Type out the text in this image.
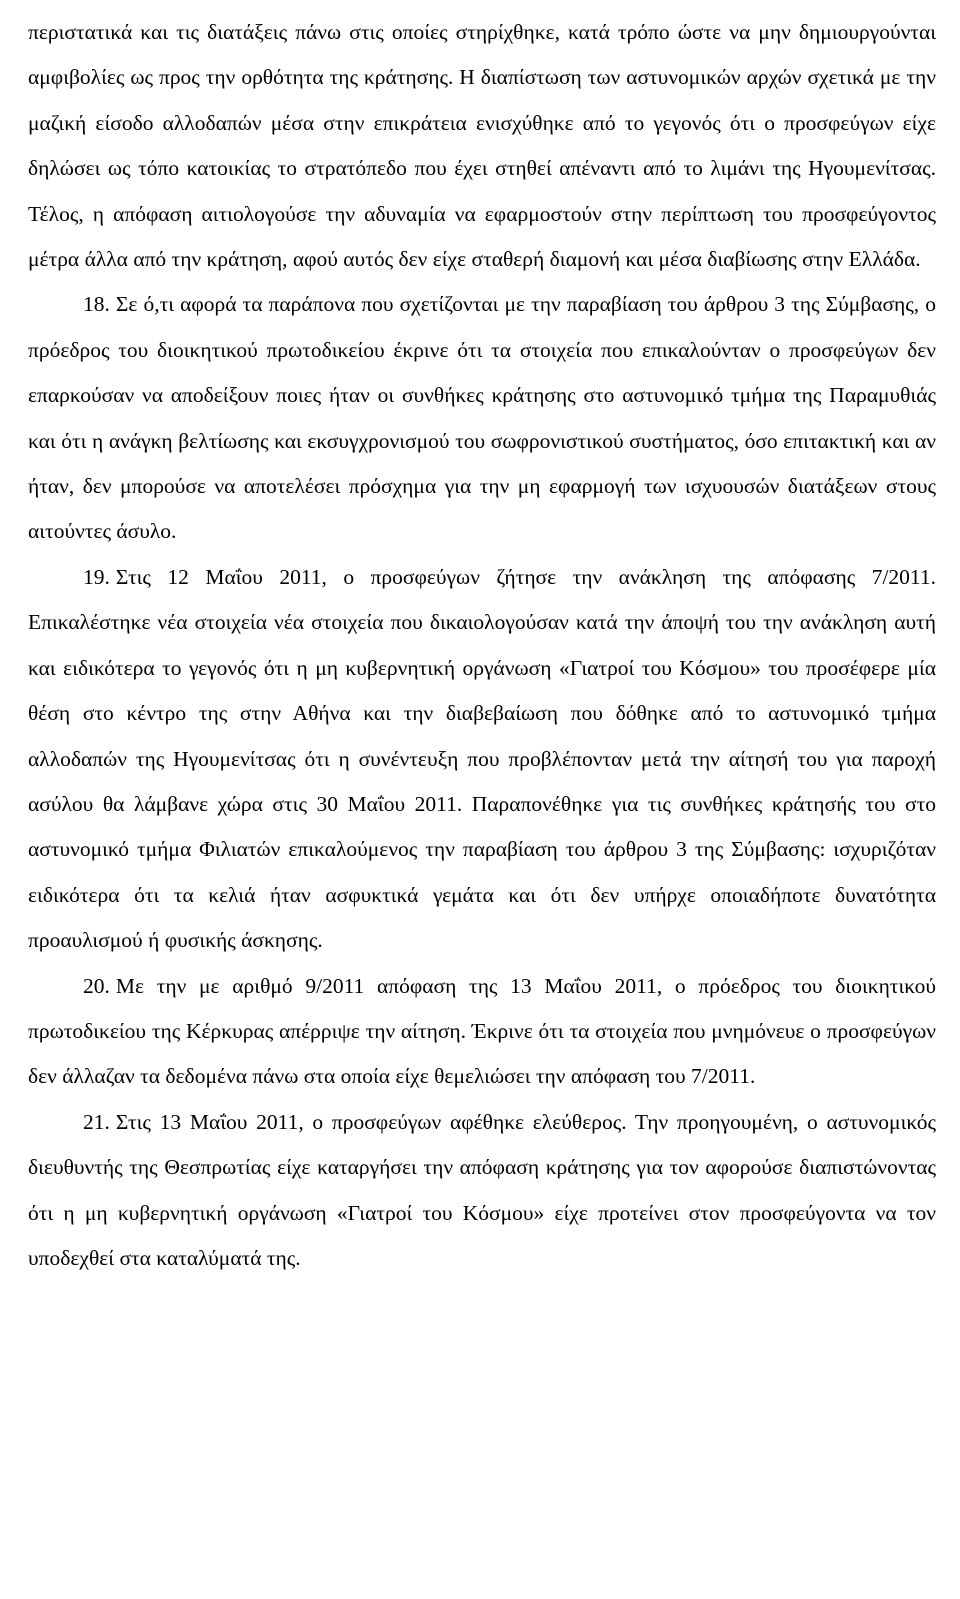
περιστατικά και τις διατάξεις πάνω στις οποίες στηρίχθηκε, κατά τρόπο ώστε να μην δημιουργούνται αμφιβολίες ως προς την ορθότητα της κράτησης. Η διαπίστωση των αστυνομικών αρχών σχετικά με την μαζική είσοδο αλλοδαπών μέσα στην επικράτεια ενισχύθηκε από το γεγονός ότι ο προσφεύγων είχε δηλώσει ως τόπο κατοικίας το στρατόπεδο που έχει στηθεί απέναντι από το λιμάνι της Ηγουμενίτσας. Τέλος, η απόφαση αιτιολογούσε την αδυναμία να εφαρμοστούν στην περίπτωση του προσφεύγοντος μέτρα άλλα από την κράτηση, αφού αυτός δεν είχε σταθερή διαμονή και μέσα διαβίωσης στην Ελλάδα.

18. Σε ό,τι αφορά τα παράπονα που σχετίζονται με την παραβίαση του άρθρου 3 της Σύμβασης, ο πρόεδρος του διοικητικού πρωτοδικείου έκρινε ότι τα στοιχεία που επικαλούνταν ο προσφεύγων δεν επαρκούσαν να αποδείξουν ποιες ήταν οι συνθήκες κράτησης στο αστυνομικό τμήμα της Παραμυθιάς και ότι η ανάγκη βελτίωσης και εκσυγχρονισμού του σωφρονιστικού συστήματος, όσο επιτακτική και αν ήταν, δεν μπορούσε να αποτελέσει πρόσχημα για την μη εφαρμογή των ισχυουσών διατάξεων στους αιτούντες άσυλο.

19. Στις 12 Μαΐου 2011, ο προσφεύγων ζήτησε την ανάκληση της απόφασης 7/2011. Επικαλέστηκε νέα στοιχεία νέα στοιχεία που δικαιολογούσαν κατά την άποψή του την ανάκληση αυτή και ειδικότερα το γεγονός ότι η μη κυβερνητική οργάνωση «Γιατροί του Κόσμου» του προσέφερε μία θέση στο κέντρο της στην Αθήνα και την διαβεβαίωση που δόθηκε από το αστυνομικό τμήμα αλλοδαπών της Ηγουμενίτσας ότι η συνέντευξη που προβλέπονταν μετά την αίτησή του για παροχή ασύλου θα λάμβανε χώρα στις 30 Μαΐου 2011. Παραπονέθηκε για τις συνθήκες κράτησής του στο αστυνομικό τμήμα Φιλιατών επικαλούμενος την παραβίαση του άρθρου 3 της Σύμβασης: ισχυριζόταν ειδικότερα ότι τα κελιά ήταν ασφυκτικά γεμάτα και ότι δεν υπήρχε οποιαδήποτε δυνατότητα προαυλισμού ή φυσικής άσκησης.

20. Με την με αριθμό 9/2011 απόφαση της 13 Μαΐου 2011, ο πρόεδρος του διοικητικού πρωτοδικείου της Κέρκυρας απέρριψε την αίτηση. Έκρινε ότι τα στοιχεία που μνημόνευε ο προσφεύγων δεν άλλαζαν τα δεδομένα πάνω στα οποία είχε θεμελιώσει την απόφαση του 7/2011.

21. Στις 13 Μαΐου 2011, ο προσφεύγων αφέθηκε ελεύθερος. Την προηγουμένη, ο αστυνομικός διευθυντής της Θεσπρωτίας είχε καταργήσει την απόφαση κράτησης για τον αφορούσε διαπιστώνοντας ότι η μη κυβερνητική οργάνωση «Γιατροί του Κόσμου» είχε προτείνει στον προσφεύγοντα να τον υποδεχθεί στα καταλύματά της.
